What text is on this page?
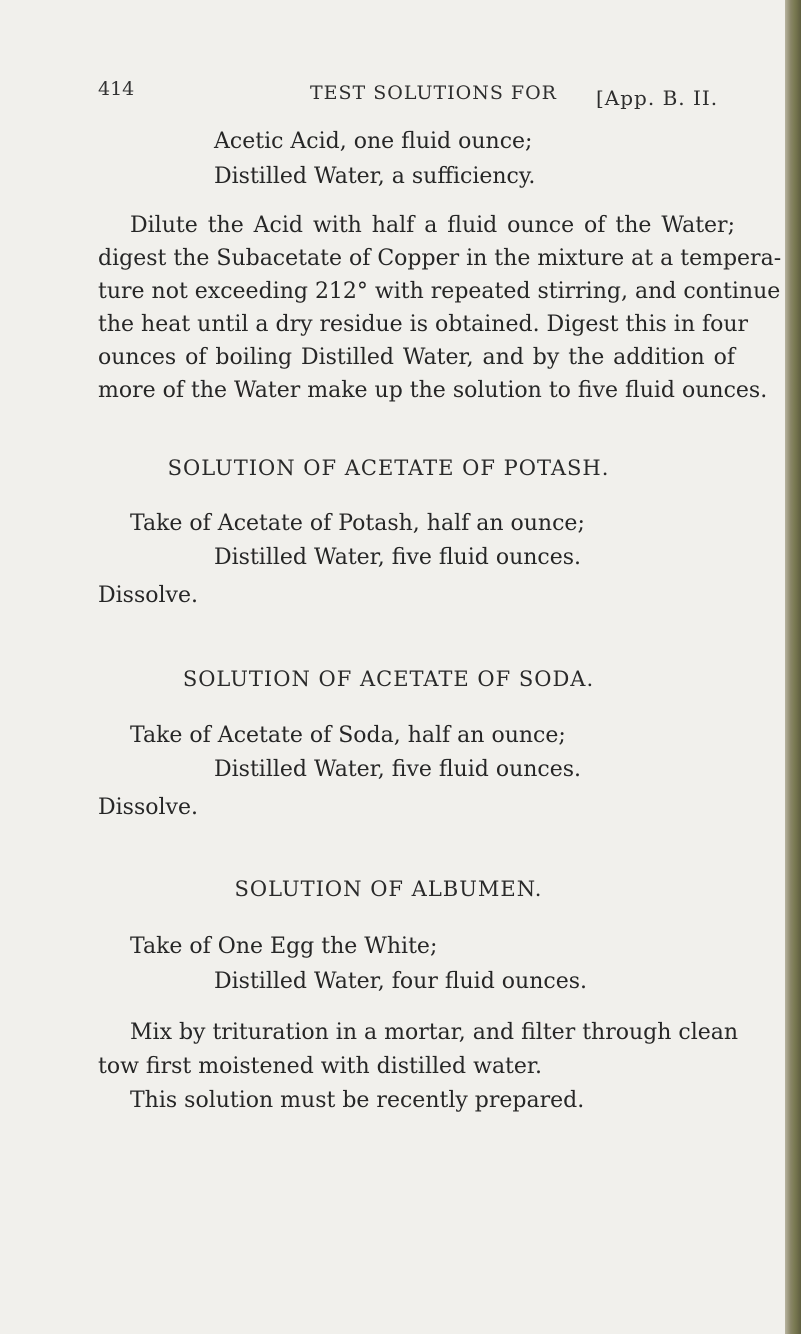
414	TEST SOLUTIONS FOR [App. B. II.
Acetic Acid, one fluid ounce;
Distilled Water, a sufficiency.
Dilute the Acid with half a fluid ounce of the Water;
digest the Subacetate of Copper in the mixture at a tempera-
ture not exceeding 212° with repeated stirring, and continue
the heat until a dry residue is obtained. Digest this in four
ounces of boiling Distilled Water, and by the addition of
more of the Water make up the solution to five fluid ounces.
SOLUTION OF ACETATE OF POTASH.
Take of Acetate of Potash, half an ounce;
Distilled Water, five fluid ounces.
Dissolve.
SOLUTION OF ACETATE OF SODA.
Take of Acetate of Soda, half an ounce;
Distilled Water, five fluid ounces.
Dissolve.
SOLUTION OF ALBUMEN.
Take of One Egg the White;
Distilled Water, four fluid ounces.
Mix by trituration in a mortar, and filter through clean
tow first moistened with distilled water.
This solution must be recently prepared.
